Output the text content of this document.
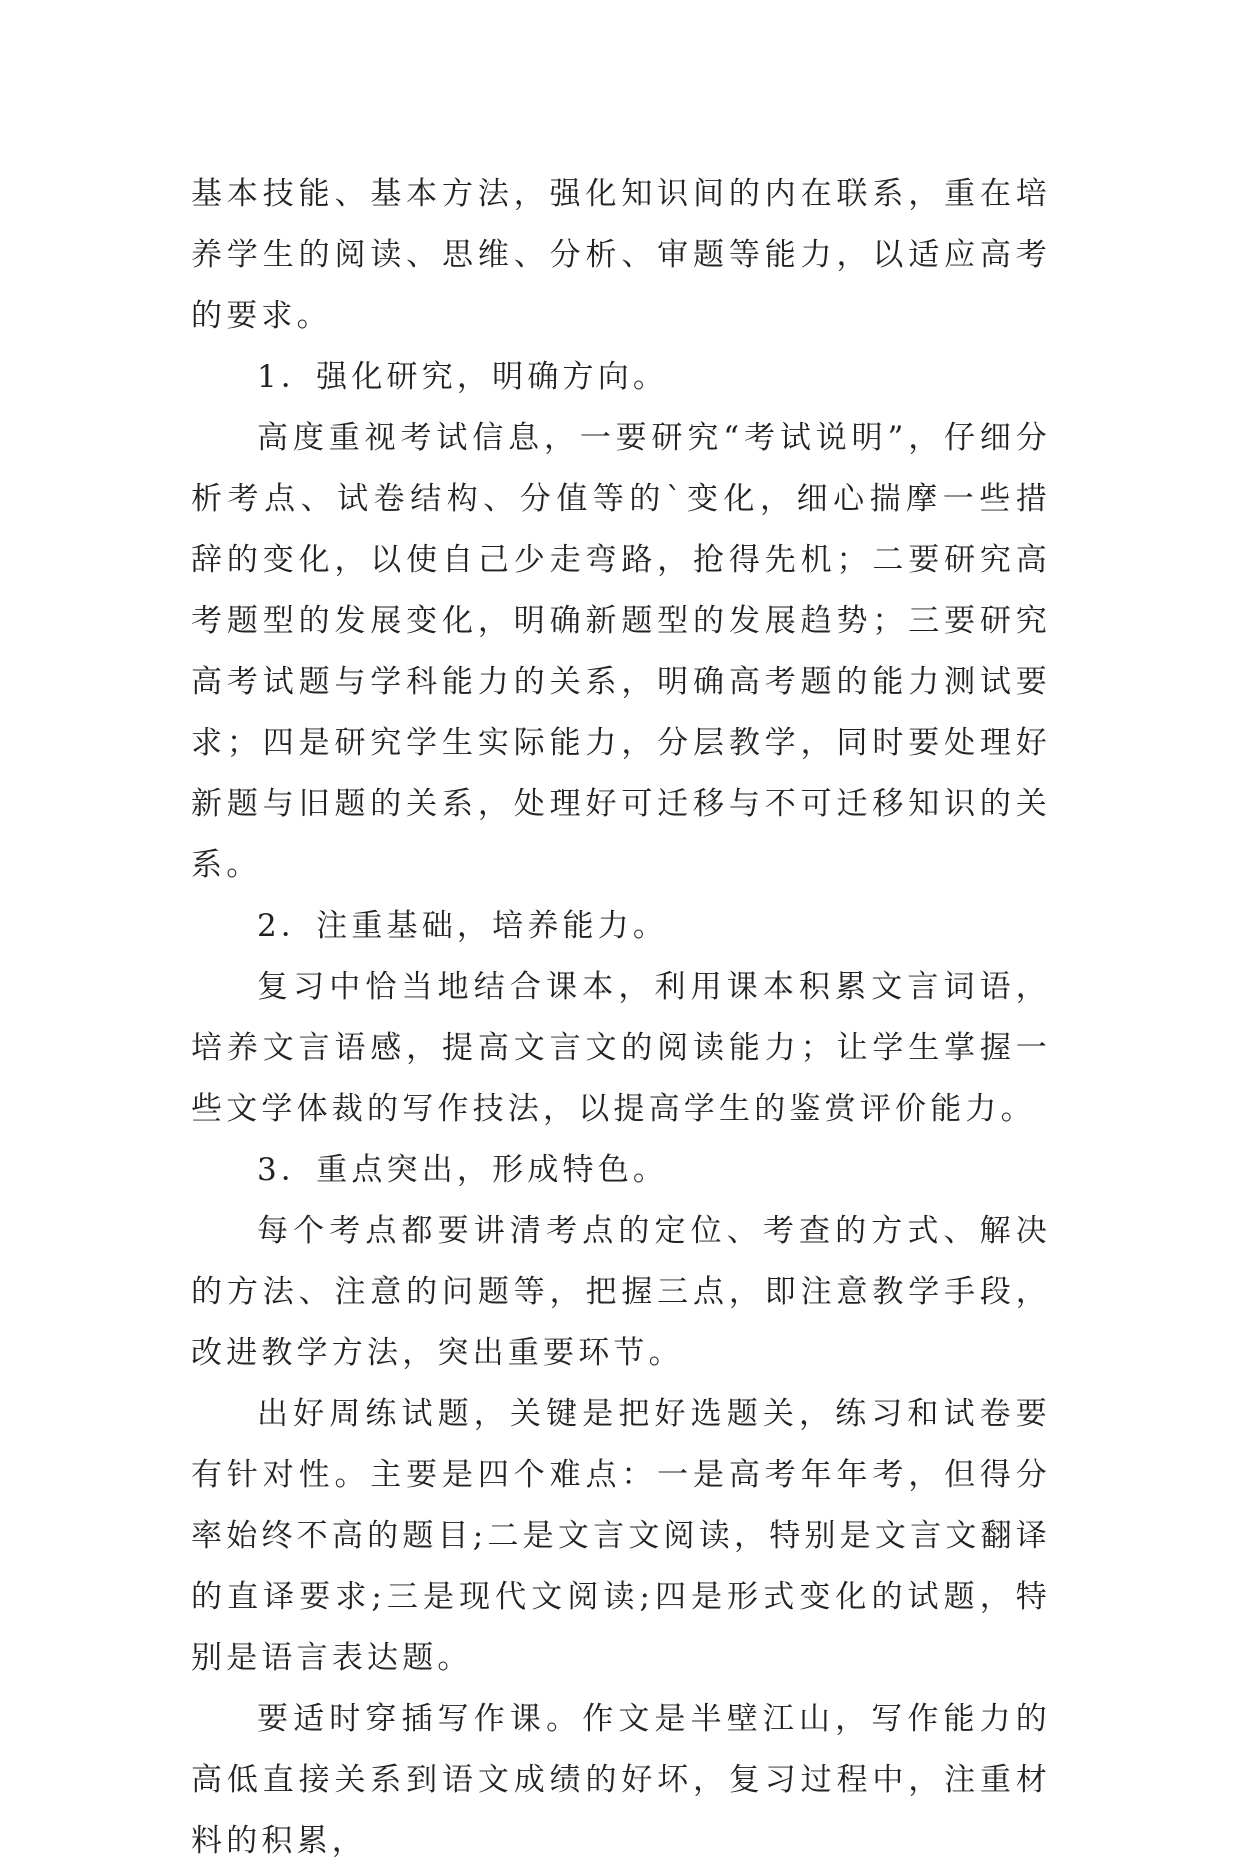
基本技能、基本方法，强化知识间的内在联系，重在培养学生的阅读、思维、分析、审题等能力，以适应高考的要求。

1．强化研究，明确方向。

高度重视考试信息，一要研究“考试说明”，仔细分析考点、试卷结构、分值等的`变化，细心揣摩一些措辞的变化，以使自己少走弯路，抢得先机；二要研究高考题型的发展变化，明确新题型的发展趋势；三要研究高考试题与学科能力的关系，明确高考题的能力测试要求；四是研究学生实际能力，分层教学，同时要处理好新题与旧题的关系，处理好可迁移与不可迁移知识的关系。

2．注重基础，培养能力。

复习中恰当地结合课本，利用课本积累文言词语，培养文言语感，提高文言文的阅读能力；让学生掌握一些文学体裁的写作技法，以提高学生的鉴赏评价能力。

3．重点突出，形成特色。

每个考点都要讲清考点的定位、考查的方式、解决的方法、注意的问题等，把握三点，即注意教学手段，改进教学方法，突出重要环节。

出好周练试题，关键是把好选题关，练习和试卷要有针对性。主要是四个难点：一是高考年年考，但得分率始终不高的题目;二是文言文阅读，特别是文言文翻译的直译要求;三是现代文阅读;四是形式变化的试题，特别是语言表达题。

要适时穿插写作课。作文是半壁江山，写作能力的高低直接关系到语文成绩的好坏，复习过程中，注重材料的积累，
